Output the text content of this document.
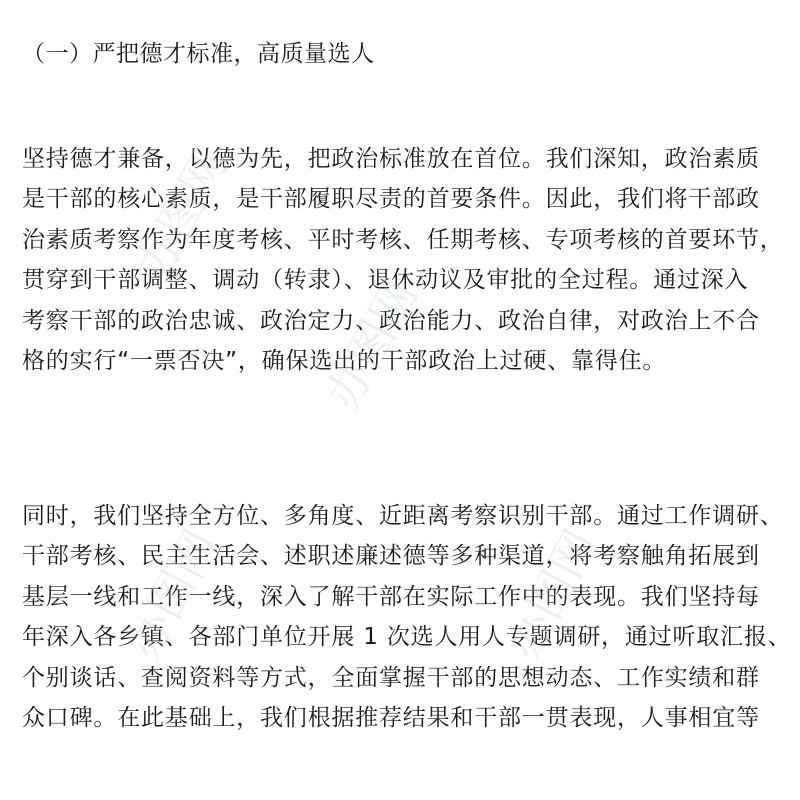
（一）严把德才标准，高质量选人
坚持德才兼备，以德为先，把政治标准放在首位。我们深知，政治素质
是干部的核心素质，是干部履职尽责的首要条件。因此，我们将干部政
治素质考察作为年度考核、平时考核、任期考核、专项考核的首要环节，
贯穿到干部调整、调动（转隶）、退休动议及审批的全过程。通过深入
考察干部的政治忠诚、政治定力、政治能力、政治自律，对政治上不合
格的实行“一票否决”，确保选出的干部政治上过硬、靠得住。
同时，我们坚持全方位、多角度、近距离考察识别干部。通过工作调研、
干部考核、民主生活会、述职述廉述德等多种渠道，将考察触角拓展到
基层一线和工作一线，深入了解干部在实际工作中的表现。我们坚持每
年深入各乡镇、各部门单位开展 1 次选人用人专题调研，通过听取汇报、
个别谈话、查阅资料等方式，全面掌握干部的思想动态、工作实绩和群
众口碑。在此基础上，我们根据推荐结果和干部一贯表现，人事相宜等
办图网
办图网
办图网
办图网
